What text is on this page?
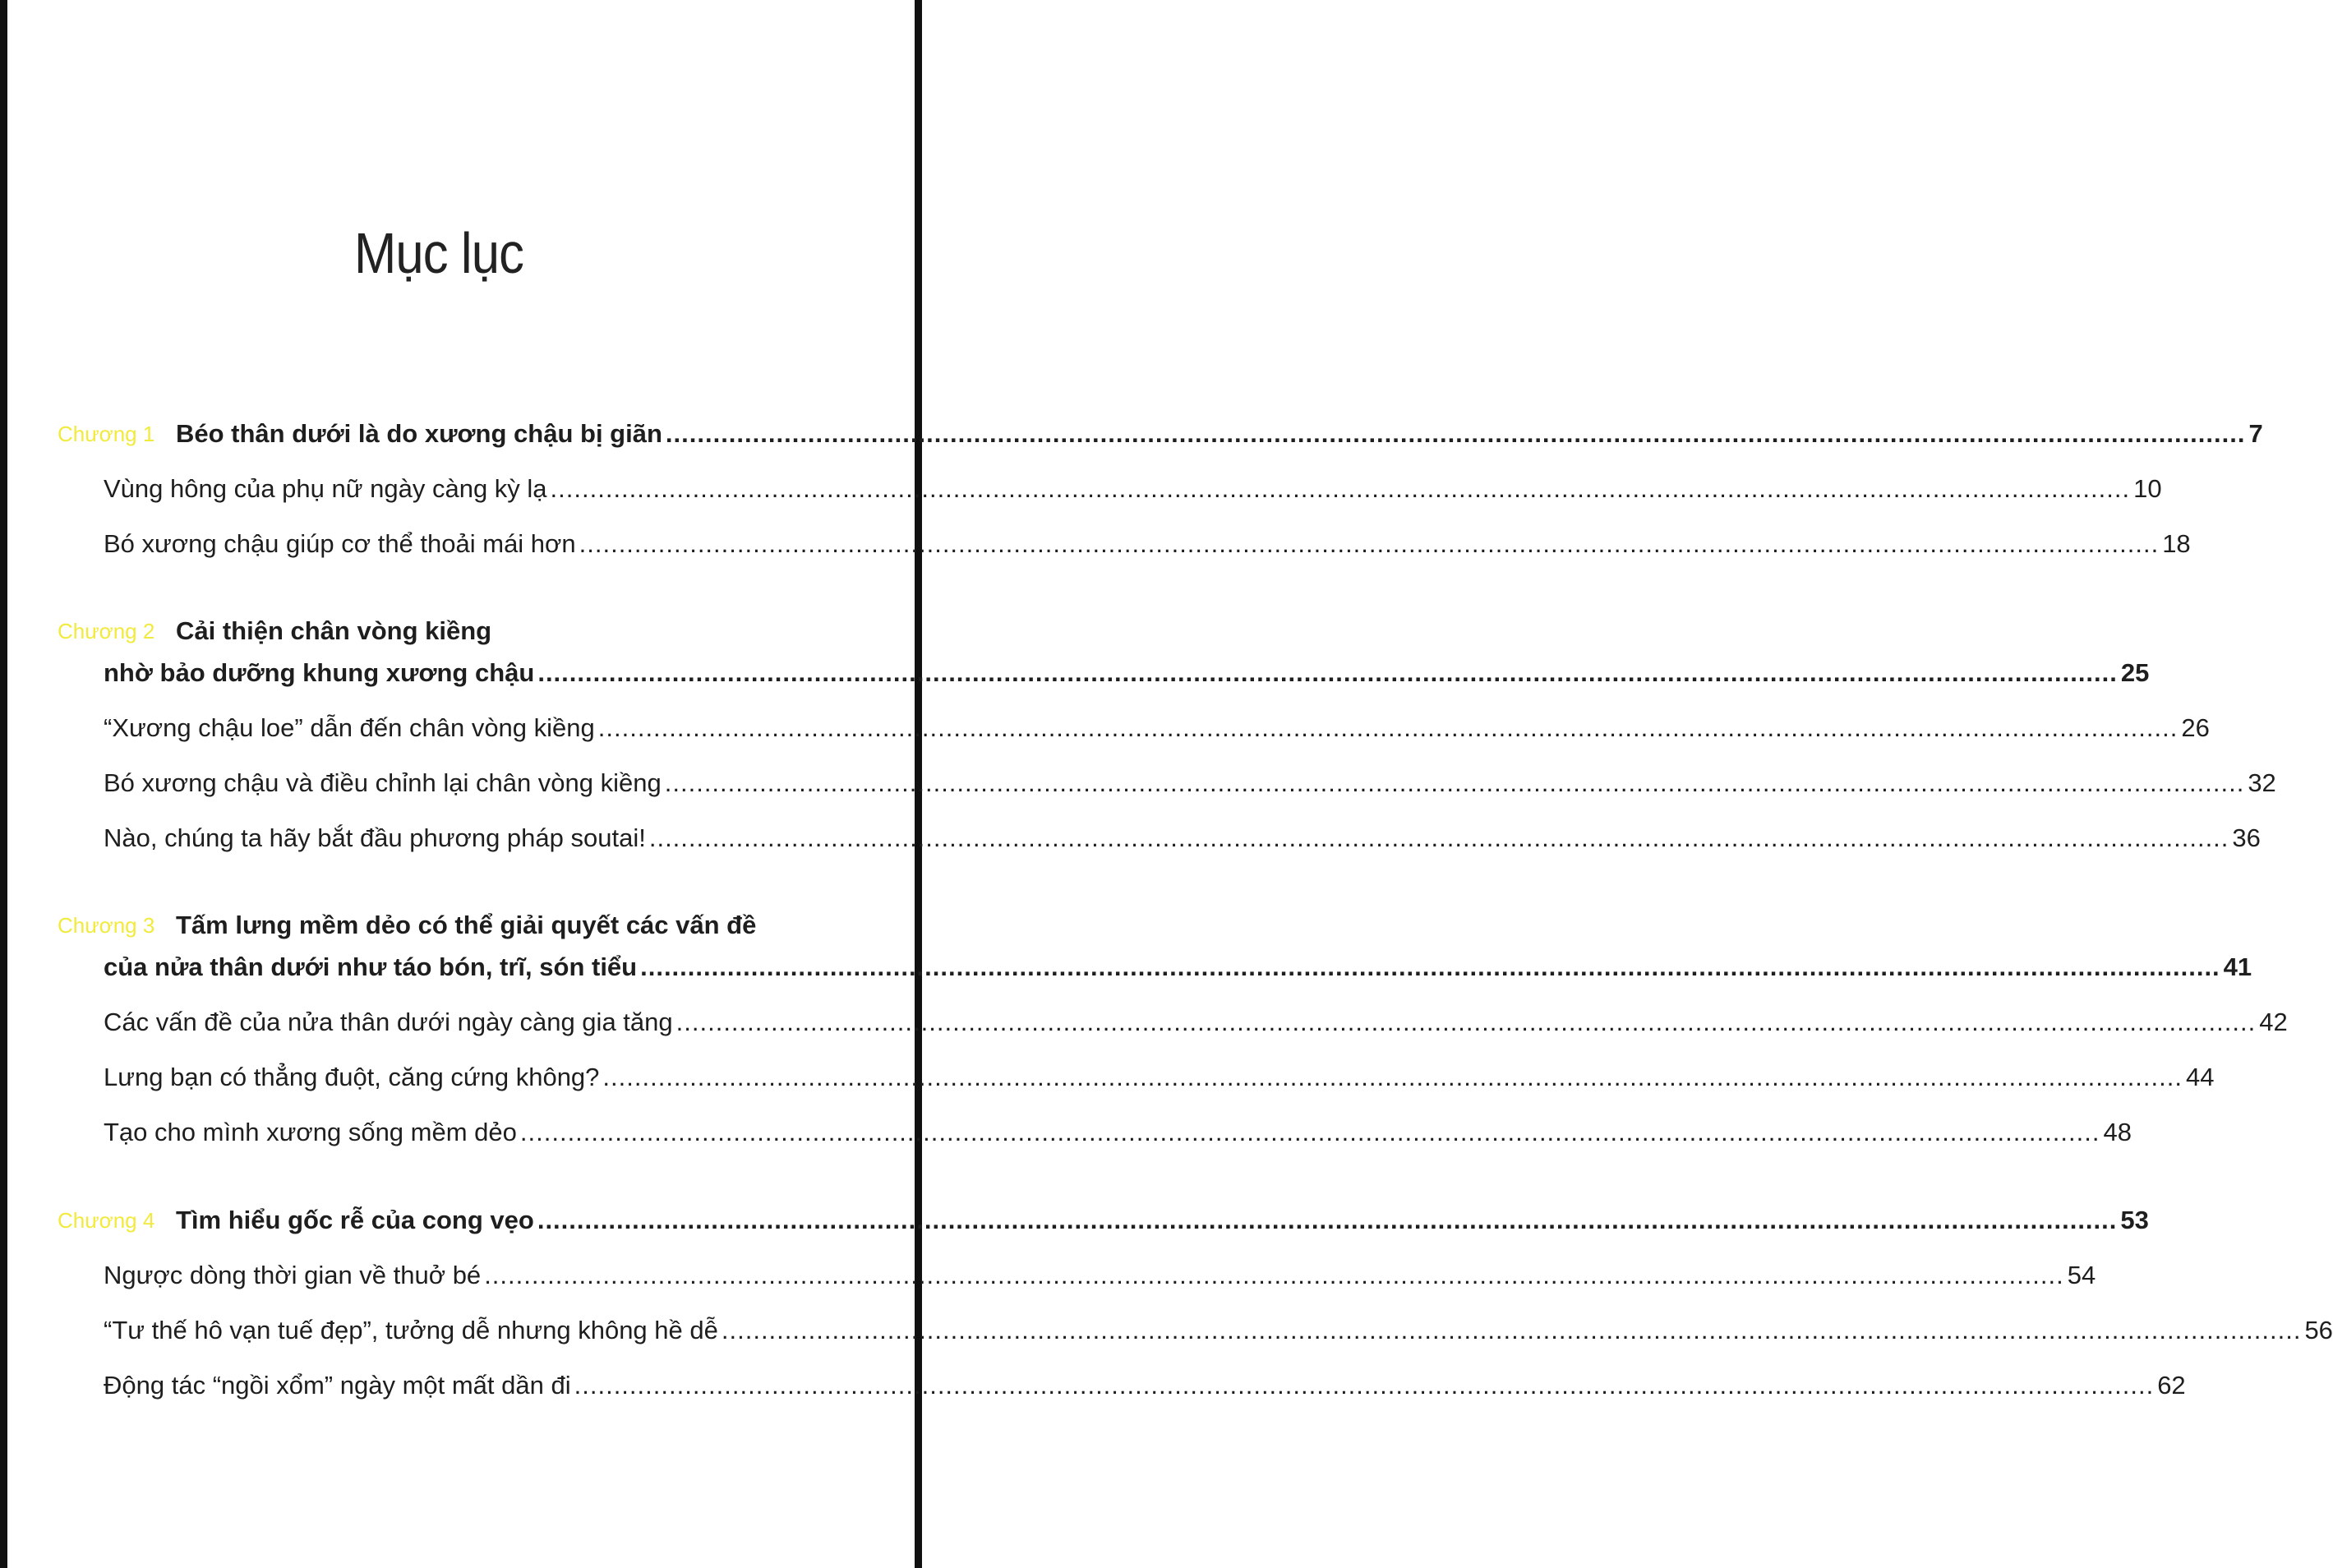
Mục lục
Chương 1 Béo thân dưới là do xương chậu bị giãn ........................................................................................................................................................................................................ 7
Vùng hông của phụ nữ ngày càng kỳ lạ ........................................................................................................................................................................................................ 10
Bó xương chậu giúp cơ thể thoải mái hơn ........................................................................................................................................................................................................ 18
Chương 2 Cải thiện chân vòng kiềng
nhờ bảo dưỡng khung xương chậu ........................................................................................................................................................................................................ 25
“Xương chậu loe” dẫn đến chân vòng kiềng ........................................................................................................................................................................................................ 26
Bó xương chậu và điều chỉnh lại chân vòng kiềng ........................................................................................................................................................................................................ 32
Nào, chúng ta hãy bắt đầu phương pháp soutai! ........................................................................................................................................................................................................ 36
Chương 3 Tấm lưng mềm dẻo có thể giải quyết các vấn đề
của nửa thân dưới như táo bón, trĩ, són tiểu ........................................................................................................................................................................................................ 41
Các vấn đề của nửa thân dưới ngày càng gia tăng ........................................................................................................................................................................................................ 42
Lưng bạn có thẳng đuột, căng cứng không? ........................................................................................................................................................................................................ 44
Tạo cho mình xương sống mềm dẻo ........................................................................................................................................................................................................ 48
Chương 4 Tìm hiểu gốc rễ của cong vẹo ........................................................................................................................................................................................................ 53
Ngược dòng thời gian về thuở bé ........................................................................................................................................................................................................ 54
“Tư thế hô vạn tuế đẹp”, tưởng dễ nhưng không hề dễ ........................................................................................................................................................................................................ 56
Động tác “ngồi xổm” ngày một mất dần đi ........................................................................................................................................................................................................ 62
